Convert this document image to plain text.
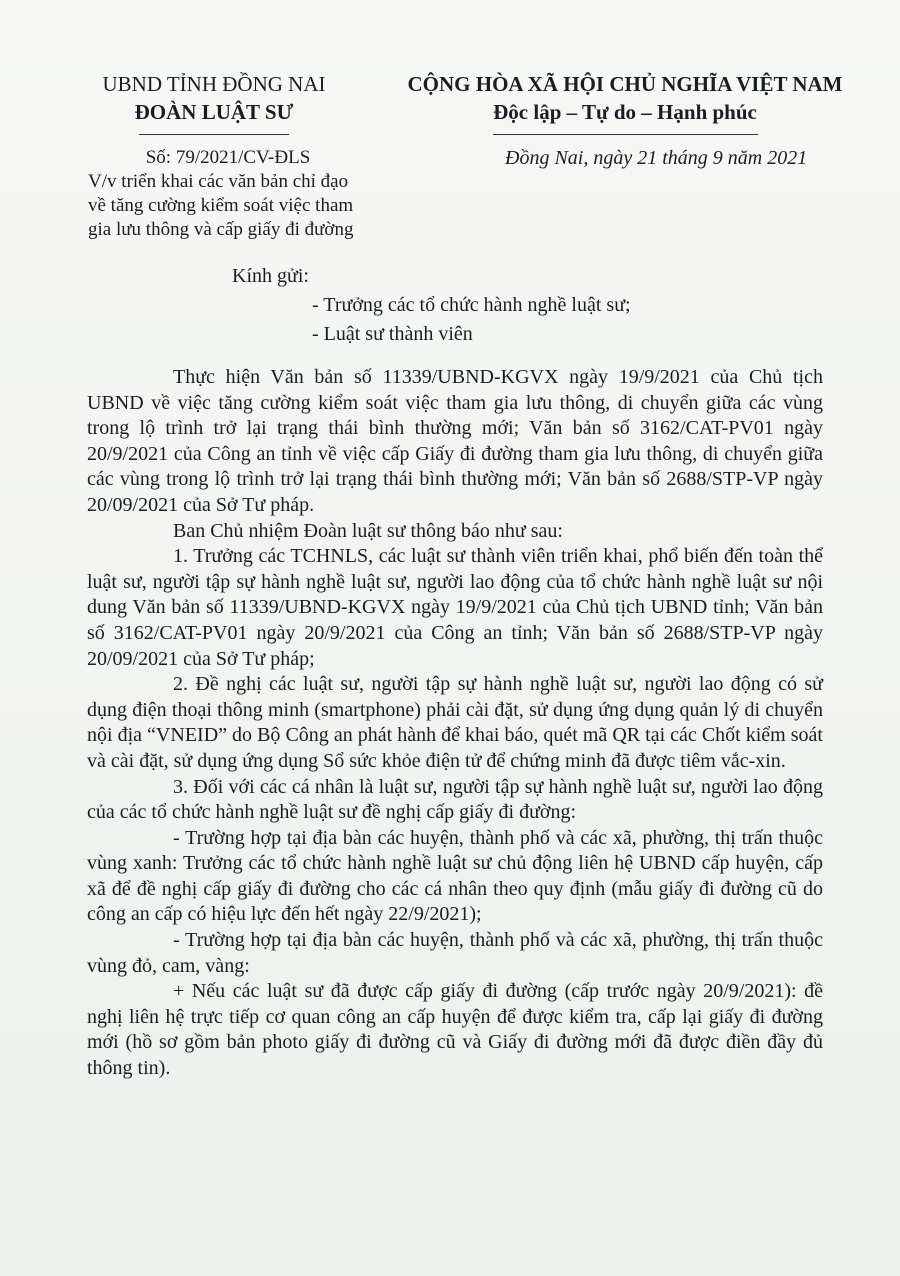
UBND TỈNH ĐỒNG NAI
ĐOÀN LUẬT SƯ
CỘNG HÒA XÃ HỘI CHỦ NGHĨA VIỆT NAM
Độc lập – Tự do – Hạnh phúc
Số: 79/2021/CV-ĐLS
V/v triển khai các văn bản chỉ đạo
về tăng cường kiểm soát việc tham
gia lưu thông và cấp giấy đi đường
Đồng Nai, ngày 21 tháng 9 năm 2021
Kính gửi:
- Trưởng các tổ chức hành nghề luật sư;
- Luật sư thành viên

Thực hiện Văn bản số 11339/UBND-KGVX ngày 19/9/2021 của Chủ tịch UBND về việc tăng cường kiểm soát việc tham gia lưu thông, di chuyển giữa các vùng trong lộ trình trở lại trạng thái bình thường mới; Văn bản số 3162/CAT-PV01 ngày 20/9/2021 của Công an tỉnh về việc cấp Giấy đi đường tham gia lưu thông, di chuyển giữa các vùng trong lộ trình trở lại trạng thái bình thường mới; Văn bản số 2688/STP-VP ngày 20/09/2021 của Sở Tư pháp.

Ban Chủ nhiệm Đoàn luật sư thông báo như sau:

1. Trưởng các TCHNLS, các luật sư thành viên triển khai, phổ biến đến toàn thể luật sư, người tập sự hành nghề luật sư, người lao động của tổ chức hành nghề luật sư nội dung Văn bản số 11339/UBND-KGVX ngày 19/9/2021 của Chủ tịch UBND tỉnh; Văn bản số 3162/CAT-PV01 ngày 20/9/2021 của Công an tỉnh; Văn bản số 2688/STP-VP ngày 20/09/2021 của Sở Tư pháp;

2. Đề nghị các luật sư, người tập sự hành nghề luật sư, người lao động có sử dụng điện thoại thông minh (smartphone) phải cài đặt, sử dụng ứng dụng quản lý di chuyển nội địa “VNEID” do Bộ Công an phát hành để khai báo, quét mã QR tại các Chốt kiểm soát và cài đặt, sử dụng ứng dụng Sổ sức khỏe điện tử để chứng minh đã được tiêm vắc-xin.

3. Đối với các cá nhân là luật sư, người tập sự hành nghề luật sư, người lao động của các tổ chức hành nghề luật sư đề nghị cấp giấy đi đường:

- Trường hợp tại địa bàn các huyện, thành phố và các xã, phường, thị trấn thuộc vùng xanh: Trưởng các tổ chức hành nghề luật sư chủ động liên hệ UBND cấp huyện, cấp xã để đề nghị cấp giấy đi đường cho các cá nhân theo quy định (mẫu giấy đi đường cũ do công an cấp có hiệu lực đến hết ngày 22/9/2021);

- Trường hợp tại địa bàn các huyện, thành phố và các xã, phường, thị trấn thuộc vùng đỏ, cam, vàng:

+ Nếu các luật sư đã được cấp giấy đi đường (cấp trước ngày 20/9/2021): đề nghị liên hệ trực tiếp cơ quan công an cấp huyện để được kiểm tra, cấp lại giấy đi đường mới (hồ sơ gồm bản photo giấy đi đường cũ và Giấy đi đường mới đã được điền đầy đủ thông tin).
